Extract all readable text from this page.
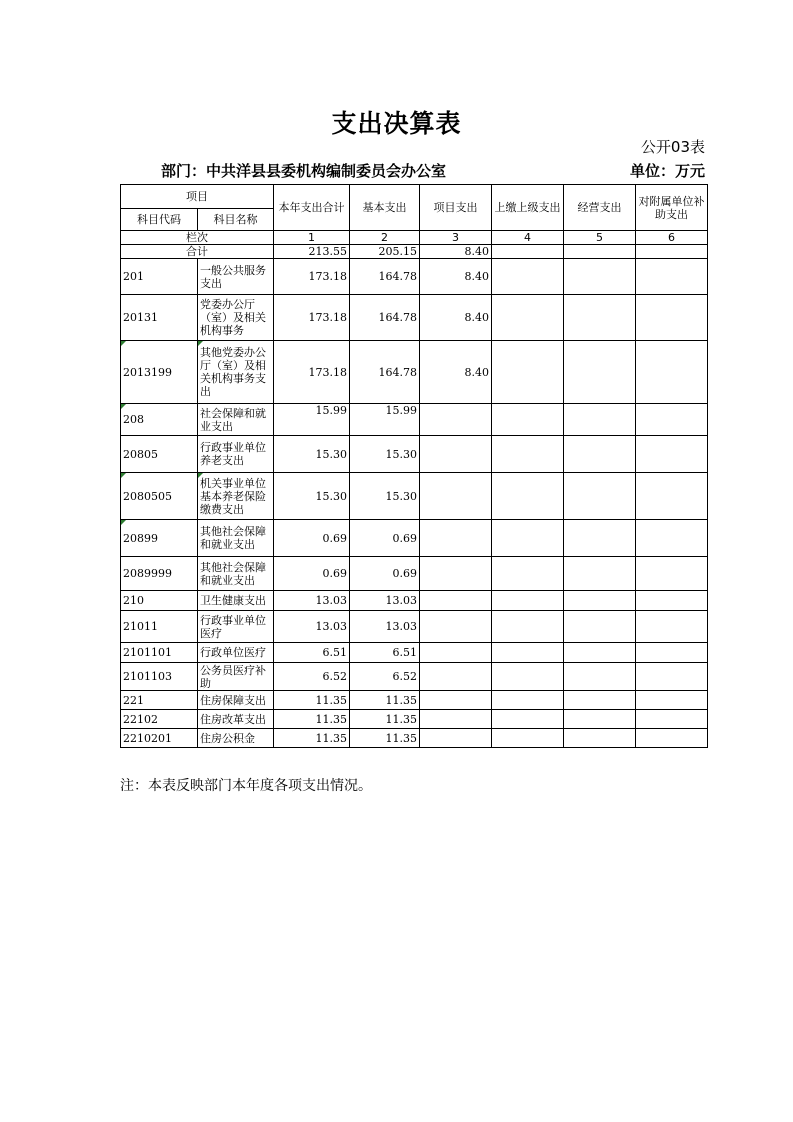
支出决算表
公开03表
部门：中共洋县县委机构编制委员会办公室	单位：万元
项目		本年支出合计	基本支出	项目支出	上缴上级支出	经营支出	对附属单位补助支出
科目代码	科目名称						
栏次		1	2	3	4	5	6
合计		213.55	205.15	8.40			
201	一般公共服务支出	173.18	164.78	8.40			
20131	党委办公厅（室）及相关机构事务	173.18	164.78	8.40			

2013199	其他党委办公厅（室）及相关机构事务支出	173.18	164.78	8.40			

208	社会保障和就业支出	15.99	15.99				
20805	行政事业单位养老支出	15.30	15.30				

2080505	机关事业单位基本养老保险缴费支出	15.30	15.30				

20899	其他社会保障和就业支出	0.69	0.69				
2089999	其他社会保障和就业支出	0.69	0.69				
210	卫生健康支出	13.03	13.03				
21011	行政事业单位医疗	13.03	13.03				
2101101	行政单位医疗	6.51	6.51				
2101103	公务员医疗补助	6.52	6.52				
221	住房保障支出	11.35	11.35				
22102	住房改革支出	11.35	11.35				
2210201	住房公积金	11.35	11.35				
注：本表反映部门本年度各项支出情况。
